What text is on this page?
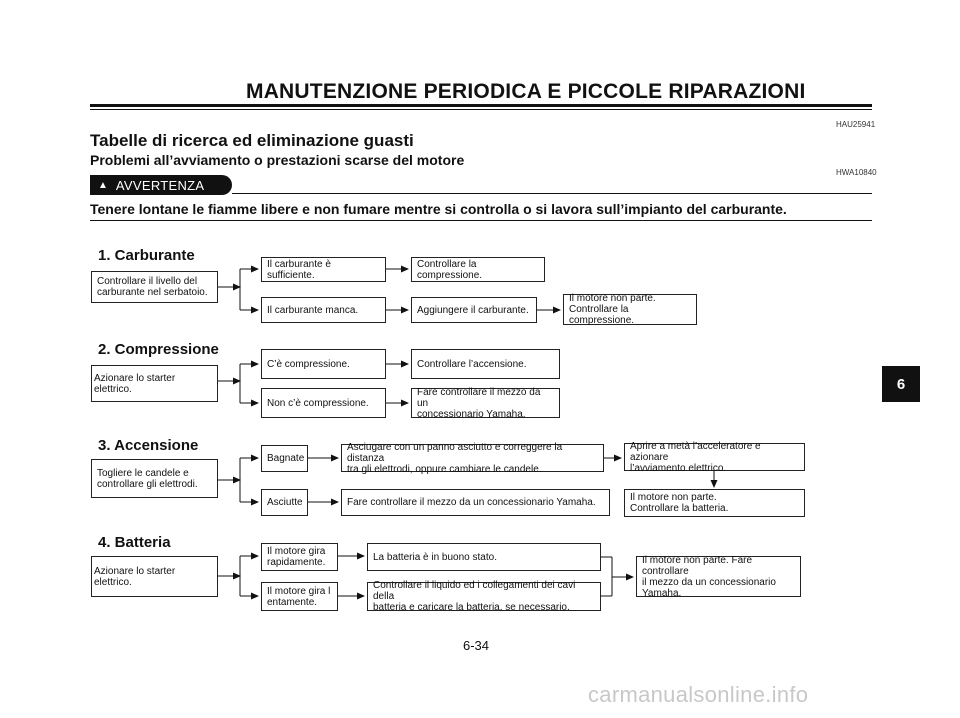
MANUTENZIONE PERIODICA E PICCOLE RIPARAZIONI
HAU25941
Tabelle di ricerca ed eliminazione guasti
Problemi all’avviamento o prestazioni scarse del motore
HWA10840
▲ AVVERTENZA
Tenere lontane le fiamme libere e non fumare mentre si controlla o si lavora sull’impianto del carburante.
1. Carburante
Controllare il livello del
carburante nel serbatoio.
Il carburante è sufficiente.
Il carburante manca.
Controllare la compressione.
Aggiungere il carburante.
Il motore non parte.
Controllare la compressione.
2. Compressione
Azionare lo starter elettrico.
C’è compressione.
Non c’è compressione.
Controllare l’accensione.
Fare controllare il mezzo da un
concessionario Yamaha.
3. Accensione
Togliere le candele e
controllare gli elettrodi.
Bagnate
Asciutte
Asciugare con un panno asciutto e correggere la distanza
tra gli elettrodi, oppure cambiare le candele.
Fare controllare il mezzo da un concessionario Yamaha.
Aprire a metà l’acceleratore e azionare
l’avviamento elettrico.
Il motore non parte.
Controllare la batteria.
4. Batteria
Azionare lo starter elettrico.
Il motore gira
rapidamente.
Il motore gira l
entamente.
La batteria è in buono stato.
Controllare il liquido ed i collegamenti dei cavi della
batteria e caricare la batteria, se necessario.
Il motore non parte. Fare controllare
il mezzo da un concessionario
Yamaha.
6
6-34
carmanualsonline.info
